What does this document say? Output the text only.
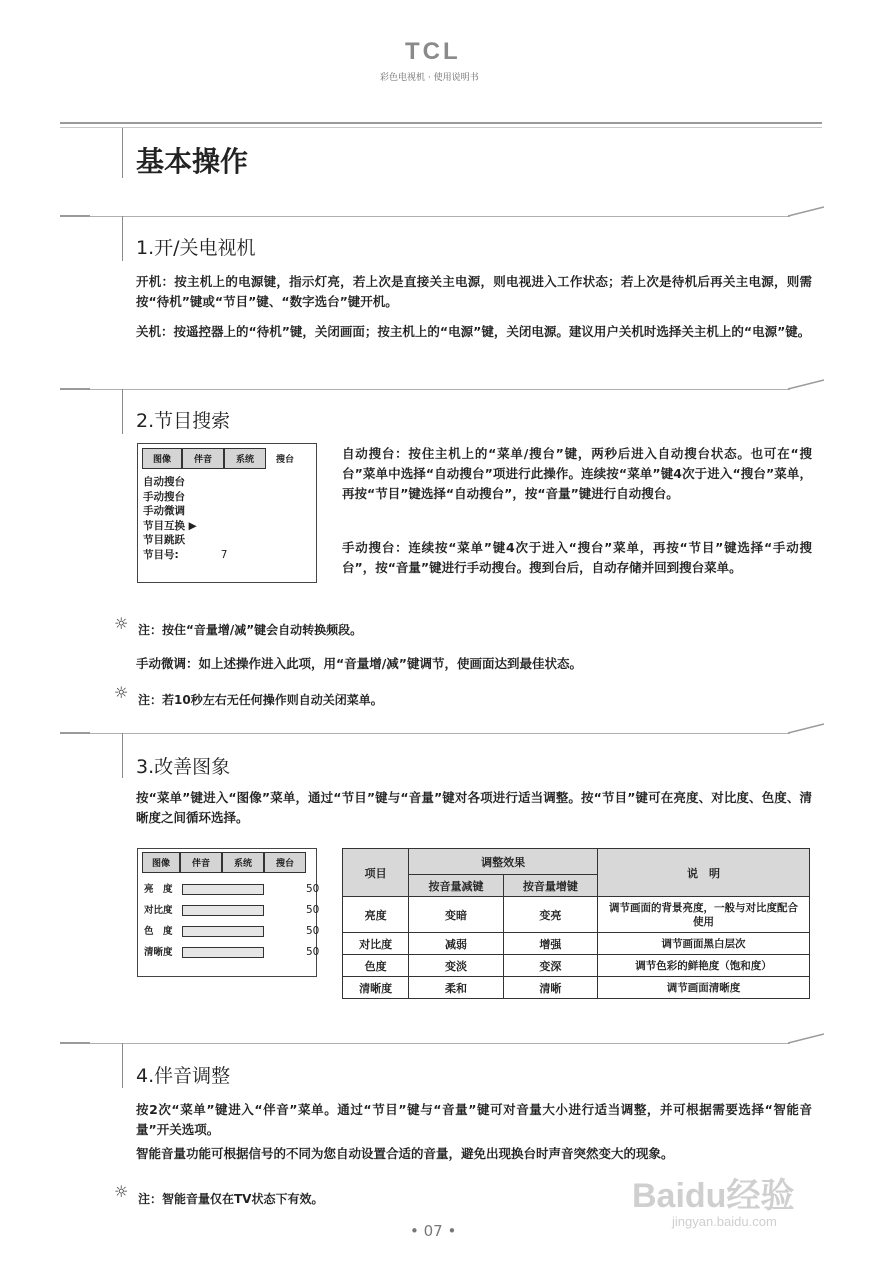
TCL
彩色电视机 · 使用说明书
基本操作
1.开/关电视机
开机：按主机上的电源键，指示灯亮，若上次是直接关主电源，则电视进入工作状态；若上次是待机后再关主电源，则需按“待机”键或“节目”键、“数字选台”键开机。
关机：按遥控器上的“待机”键，关闭画面；按主机上的“电源”键，关闭电源。建议用户关机时选择关主机上的“电源”键。
2.节目搜索
图像	伴音	系统	搜台
自动搜台
手动搜台
手动微调
节目互换 ▶
节目跳跃
节目号:	7
自动搜台：按住主机上的“菜单/搜台”键，两秒后进入自动搜台状态。也可在“搜台”菜单中选择“自动搜台”项进行此操作。连续按“菜单”键4次于进入“搜台”菜单，再按“节目”键选择“自动搜台”，按“音量”键进行自动搜台。
手动搜台：连续按“菜单”键4次于进入“搜台”菜单，再按“节目”键选择“手动搜台”，按“音量”键进行手动搜台。搜到台后，自动存储并回到搜台菜单。
☼ 注：按住“音量增/减”键会自动转换频段。
手动微调：如上述操作进入此项，用“音量增/减”键调节，使画面达到最佳状态。
☼ 注：若10秒左右无任何操作则自动关闭菜单。
3.改善图象
按“菜单”键进入“图像”菜单，通过“节目”键与“音量”键对各项进行适当调整。按“节目”键可在亮度、对比度、色度、清晰度之间循环选择。
图像	伴音	系统	搜台
亮　度	50
对比度	50
色　度	50
清晰度	50
项目	调整效果		说　明
	按音量减键	按音量增键	
亮度	变暗	变亮	调节画面的背景亮度，一般与对比度配合使用
对比度	减弱	增强	调节画面黑白层次
色度	变淡	变深	调节色彩的鲜艳度（饱和度）
清晰度	柔和	清晰	调节画面清晰度
4.伴音调整
按2次“菜单”键进入“伴音”菜单。通过“节目”键与“音量”键可对音量大小进行适当调整，并可根据需要选择“智能音量”开关选项。
智能音量功能可根据信号的不同为您自动设置合适的音量，避免出现换台时声音突然变大的现象。
☼ 注：智能音量仅在TV状态下有效。
• 07 •
Baidu经验
jingyan.baidu.com
